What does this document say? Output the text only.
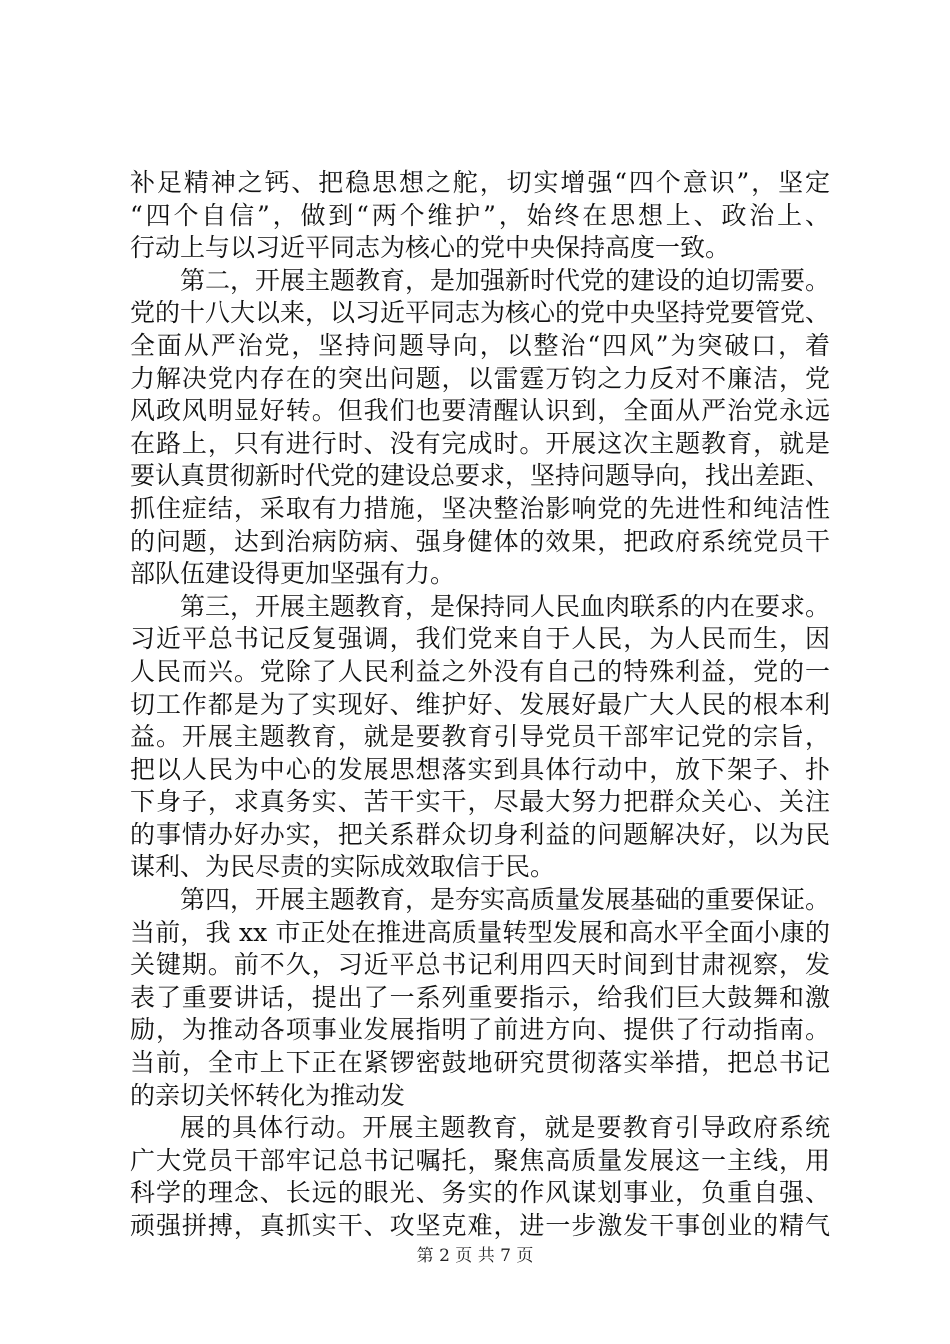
补足精神之钙、把稳思想之舵，切实增强“四个意识”，坚定
“四个自信”，做到“两个维护”，始终在思想上、政治上、
行动上与以习近平同志为核心的党中央保持高度一致。
第二，开展主题教育，是加强新时代党的建设的迫切需要。
党的十八大以来，以习近平同志为核心的党中央坚持党要管党、
全面从严治党，坚持问题导向，以整治“四风”为突破口，着
力解决党内存在的突出问题，以雷霆万钧之力反对不廉洁，党
风政风明显好转。但我们也要清醒认识到，全面从严治党永远
在路上，只有进行时、没有完成时。开展这次主题教育，就是
要认真贯彻新时代党的建设总要求，坚持问题导向，找出差距、
抓住症结，采取有力措施，坚决整治影响党的先进性和纯洁性
的问题，达到治病防病、强身健体的效果，把政府系统党员干
部队伍建设得更加坚强有力。
第三，开展主题教育，是保持同人民血肉联系的内在要求。
习近平总书记反复强调，我们党来自于人民，为人民而生，因
人民而兴。党除了人民利益之外没有自己的特殊利益，党的一
切工作都是为了实现好、维护好、发展好最广大人民的根本利
益。开展主题教育，就是要教育引导党员干部牢记党的宗旨，
把以人民为中心的发展思想落实到具体行动中，放下架子、扑
下身子，求真务实、苦干实干，尽最大努力把群众关心、关注
的事情办好办实，把关系群众切身利益的问题解决好，以为民
谋利、为民尽责的实际成效取信于民。
第四，开展主题教育，是夯实高质量发展基础的重要保证。
当前，我 xx 市正处在推进高质量转型发展和高水平全面小康的
关键期。前不久，习近平总书记利用四天时间到甘肃视察，发
表了重要讲话，提出了一系列重要指示，给我们巨大鼓舞和激
励，为推动各项事业发展指明了前进方向、提供了行动指南。
当前，全市上下正在紧锣密鼓地研究贯彻落实举措，把总书记
的亲切关怀转化为推动发
展的具体行动。开展主题教育，就是要教育引导政府系统
广大党员干部牢记总书记嘱托，聚焦高质量发展这一主线，用
科学的理念、长远的眼光、务实的作风谋划事业，负重自强、
顽强拼搏，真抓实干、攻坚克难，进一步激发干事创业的精气
第 2 页 共 7 页
